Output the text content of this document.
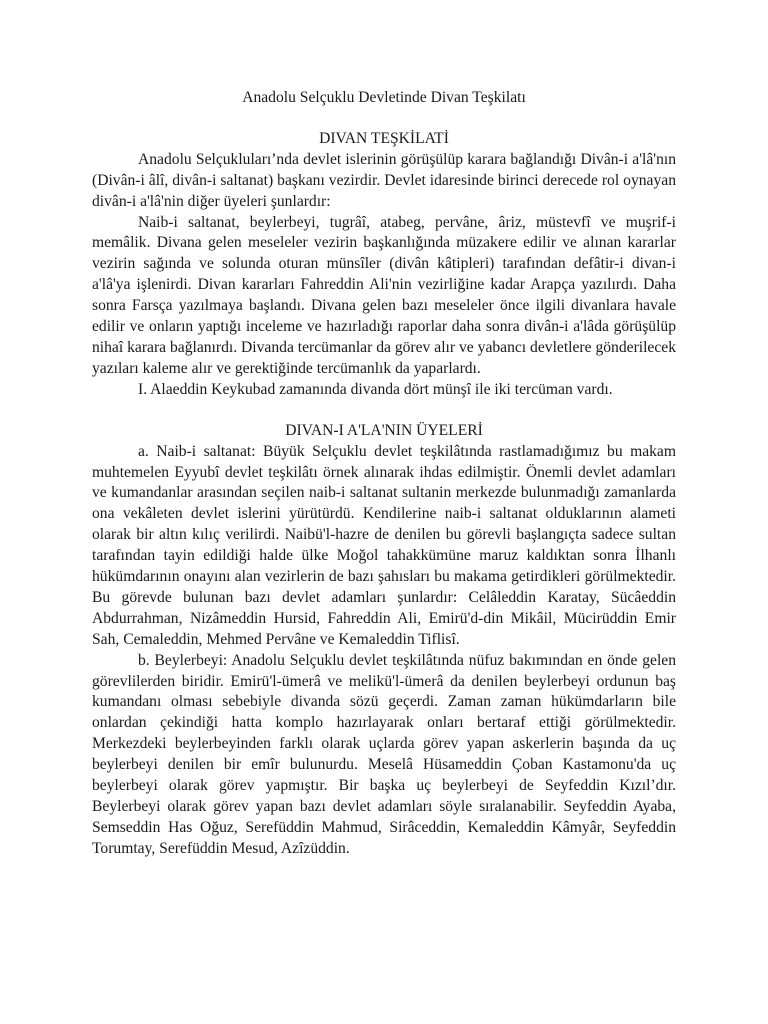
Anadolu Selçuklu Devletinde Divan Teşkilatı

DIVAN TEŞKİLATİ

Anadolu Selçukluları’nda devlet islerinin görüşülüp karara bağlandığı Divân-i a'lâ'nın (Divân-i âlî, divân-i saltanat) başkanı vezirdir. Devlet idaresinde birinci derecede rol oynayan divân-i a'lâ'nin diğer üyeleri şunlardır:

Naib-i saltanat, beylerbeyi, tugrâî, atabeg, pervâne, âriz, müstevfî ve muşrif-i memâlik. Divana gelen meseleler vezirin başkanlığında müzakere edilir ve alınan kararlar vezirin sağında ve solunda oturan münsîler (divân kâtipleri) tarafından defâtir-i divan-i a'lâ'ya işlenirdi. Divan kararları Fahreddin Ali'nin vezirliğine kadar Arapça yazılırdı. Daha sonra Farsça yazılmaya başlandı. Divana gelen bazı meseleler önce ilgili divanlara havale edilir ve onların yaptığı inceleme ve hazırladığı raporlar daha sonra divân-i a'lâda görüşülüp nihaî karara bağlanırdı. Divanda tercümanlar da görev alır ve yabancı devletlere gönderilecek yazıları kaleme alır ve gerektiğinde tercümanlık da yaparlardı.

I. Alaeddin Keykubad zamanında divanda dört münşî ile iki tercüman vardı.

DIVAN-I A'LA'NIN ÜYELERİ

a. Naib-i saltanat: Büyük Selçuklu devlet teşkilâtında rastlamadığımız bu makam muhtemelen Eyyubî devlet teşkilâtı örnek alınarak ihdas edilmiştir. Önemli devlet adamları ve kumandanlar arasından seçilen naib-i saltanat sultanin merkezde bulunmadığı zamanlarda ona vekâleten devlet islerini yürütürdü. Kendilerine naib-i saltanat olduklarının alameti olarak bir altın kılıç verilirdi. Naibü'l-hazre de denilen bu görevli başlangıçta sadece sultan tarafından tayin edildiği halde ülke Moğol tahakkümüne maruz kaldıktan sonra İlhanlı hükümdarının onayını alan vezirlerin de bazı şahısları bu makama getirdikleri görülmektedir. Bu görevde bulunan bazı devlet adamları şunlardır: Celâleddin Karatay, Sücâeddin Abdurrahman, Nizâmeddin Hursid, Fahreddin Ali, Emirü'd-din Mikâil, Mücirüddin Emir Sah, Cemaleddin, Mehmed Pervâne ve Kemaleddin Tiflisî.

b. Beylerbeyi: Anadolu Selçuklu devlet teşkilâtında nüfuz bakımından en önde gelen görevlilerden biridir. Emirü'l-ümerâ ve melikü'l-ümerâ da denilen beylerbeyi ordunun baş kumandanı olması sebebiyle divanda sözü geçerdi. Zaman zaman hükümdarların bile onlardan çekindiği hatta komplo hazırlayarak onları bertaraf ettiği görülmektedir. Merkezdeki beylerbeyinden farklı olarak uçlarda görev yapan askerlerin başında da uç beylerbeyi denilen bir emîr bulunurdu. Meselâ Hüsameddin Çoban Kastamonu'da uç beylerbeyi olarak görev yapmıştır. Bir başka uç beylerbeyi de Seyfeddin Kızıl’dır. Beylerbeyi olarak görev yapan bazı devlet adamları söyle sıralanabilir. Seyfeddin Ayaba, Semseddin Has Oğuz, Serefüddin Mahmud, Sirâceddin, Kemaleddin Kâmyâr, Seyfeddin Torumtay, Serefüddin Mesud, Azîzüddin.
